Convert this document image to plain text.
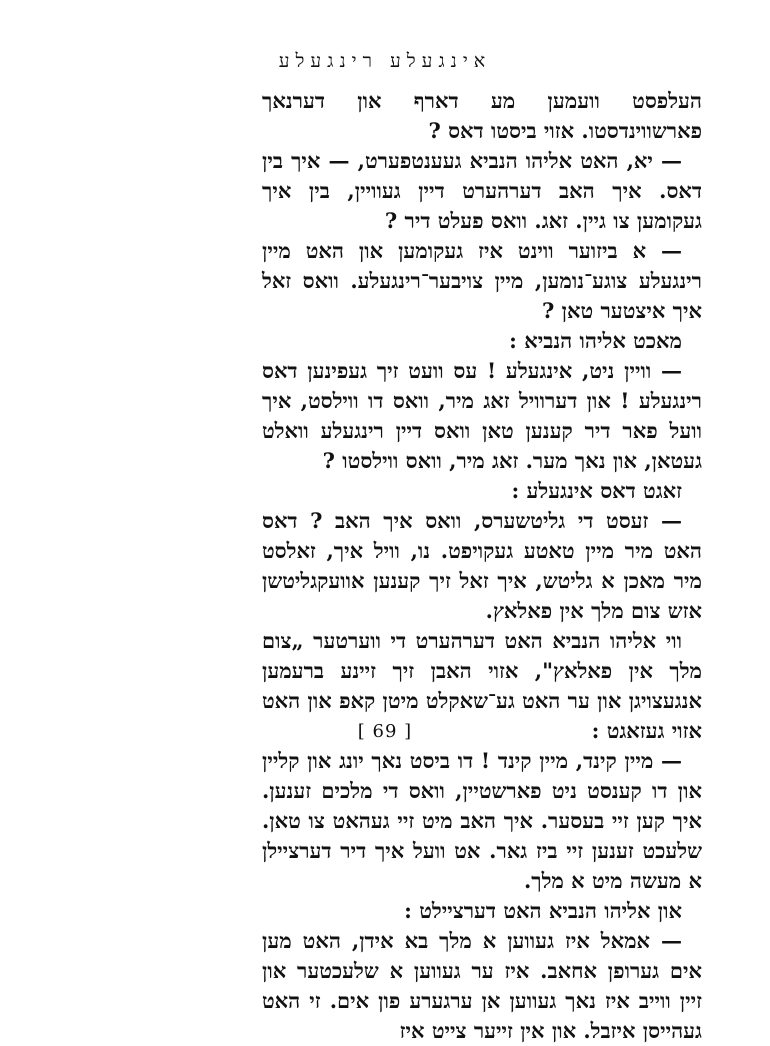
אינגעלע רינגעלע

העלפסט וועמען מע דארף און דערנאך פארשווינדסטו. אזוי ביסטו דאס ?

— יא, האט אליהו הנביא געענטפערט, — איך בין דאס. איך האב דערהערט דיין געוויין, בין איך געקומען צו גיין. זאג. וואס פעלט דיר ?

— א ביזוער ווינט איז געקומען און האט מיין רינגעלע צוגע־נומען, מיין צויבער־רינגעלע. וואס זאל איך איצטער טאן ?

מאכט אליהו הנביא :

— וויין ניט, אינגעלע ! עס וועט זיך געפינען דאס רינגעלע ! און דערוויל זאג מיר, וואס דו ווילסט, איך וועל פאר דיר קענען טאן וואס דיין רינגעלע וואלט געטאן, און נאך מער. זאג מיר, וואס ווילסטו ?

זאגט דאס אינגעלע :

— זעסט די גליטשערס, וואס איך האב ? דאס האט מיר מיין טאטע געקויפט. נו, וויל איך, זאלסט מיר מאכן א גליטש, איך זאל זיך קענען אוועקגליטשן אזש צום מלך אין פאלאץ.

ווי אליהו הנביא האט דערהערט די ווערטער „צום מלך אין פאלאץ", אזוי האבן זיך זיינע ברעמען אנגעצויגן און ער האט גע־שאקלט מיטן קאפ און האט אזוי געזאגט :

— מיין קינד, מיין קינד ! דו ביסט נאך יונג און קליין און דו קענסט ניט פארשטיין, וואס די מלכים זענען. איך קען זיי בעסער. איך האב מיט זיי געהאט צו טאן. שלעכט זענען זיי ביז גאר. אט וועל איך דיר דערציילן א מעשה מיט א מלך.

און אליהו הנביא האט דערציילט :

— אמאל איז געווען א מלך בא אידן, האט מען אים גערופן אחאב. איז ער געווען א שלעכטער און זיין ווייב איז נאך געווען אן ערגערע פון אים. זי האט געהייסן איזבל. און אין זייער צייט איז

[ 69 ]
